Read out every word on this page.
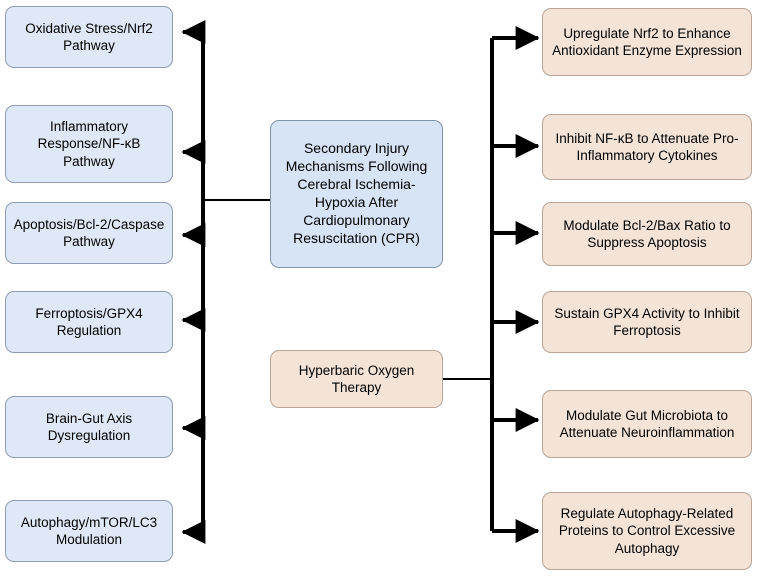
Oxidative Stress/Nrf2 Pathway
Inflammatory Response/NF-κB Pathway
Apoptosis/Bcl-2/Caspase Pathway
Ferroptosis/GPX4 Regulation
Brain-Gut Axis Dysregulation
Autophagy/mTOR/LC3 Modulation
Secondary Injury Mechanisms Following Cerebral Ischemia-Hypoxia After Cardiopulmonary Resuscitation (CPR)
Hyperbaric Oxygen Therapy
Upregulate Nrf2 to Enhance Antioxidant Enzyme Expression
Inhibit NF-κB to Attenuate Pro-Inflammatory Cytokines
Modulate Bcl-2/Bax Ratio to Suppress Apoptosis
Sustain GPX4 Activity to Inhibit Ferroptosis
Modulate Gut Microbiota to Attenuate Neuroinflammation
Regulate Autophagy-Related Proteins to Control Excessive Autophagy
